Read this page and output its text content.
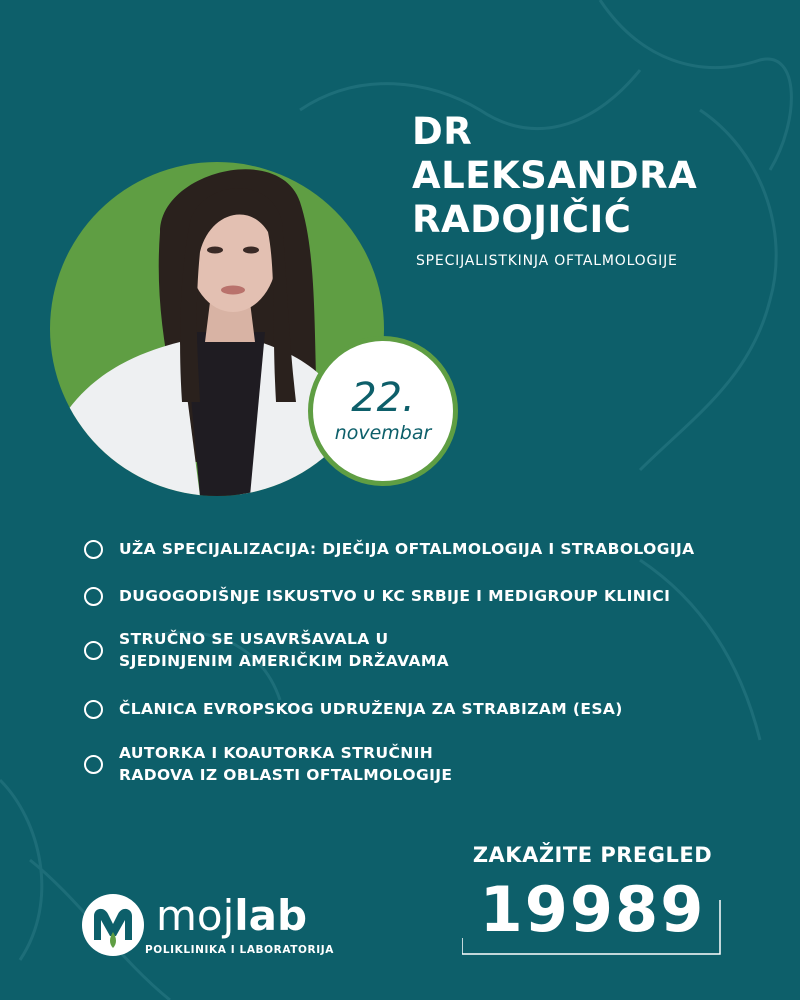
22.
novembar
DR
ALEKSANDRA
RADOJIČIĆ
SPECIJALISTKINJA OFTALMOLOGIJE
UŽA SPECIJALIZACIJA: DJEČIJA OFTALMOLOGIJA I STRABOLOGIJA
DUGOGODIŠNJE ISKUSTVO U KC SRBIJE I MEDIGROUP KLINICI
STRUČNO SE USAVRŠAVALA U
SJEDINJENIM AMERIČKIM DRŽAVAMA
ČLANICA EVROPSKOG UDRUŽENJA ZA STRABIZAM (ESA)
AUTORKA I KOAUTORKA STRUČNIH
RADOVA IZ OBLASTI OFTALMOLOGIJE
ZAKAŽITE PREGLED
19989
mojlab
POLIKLINIKA I LABORATORIJA
